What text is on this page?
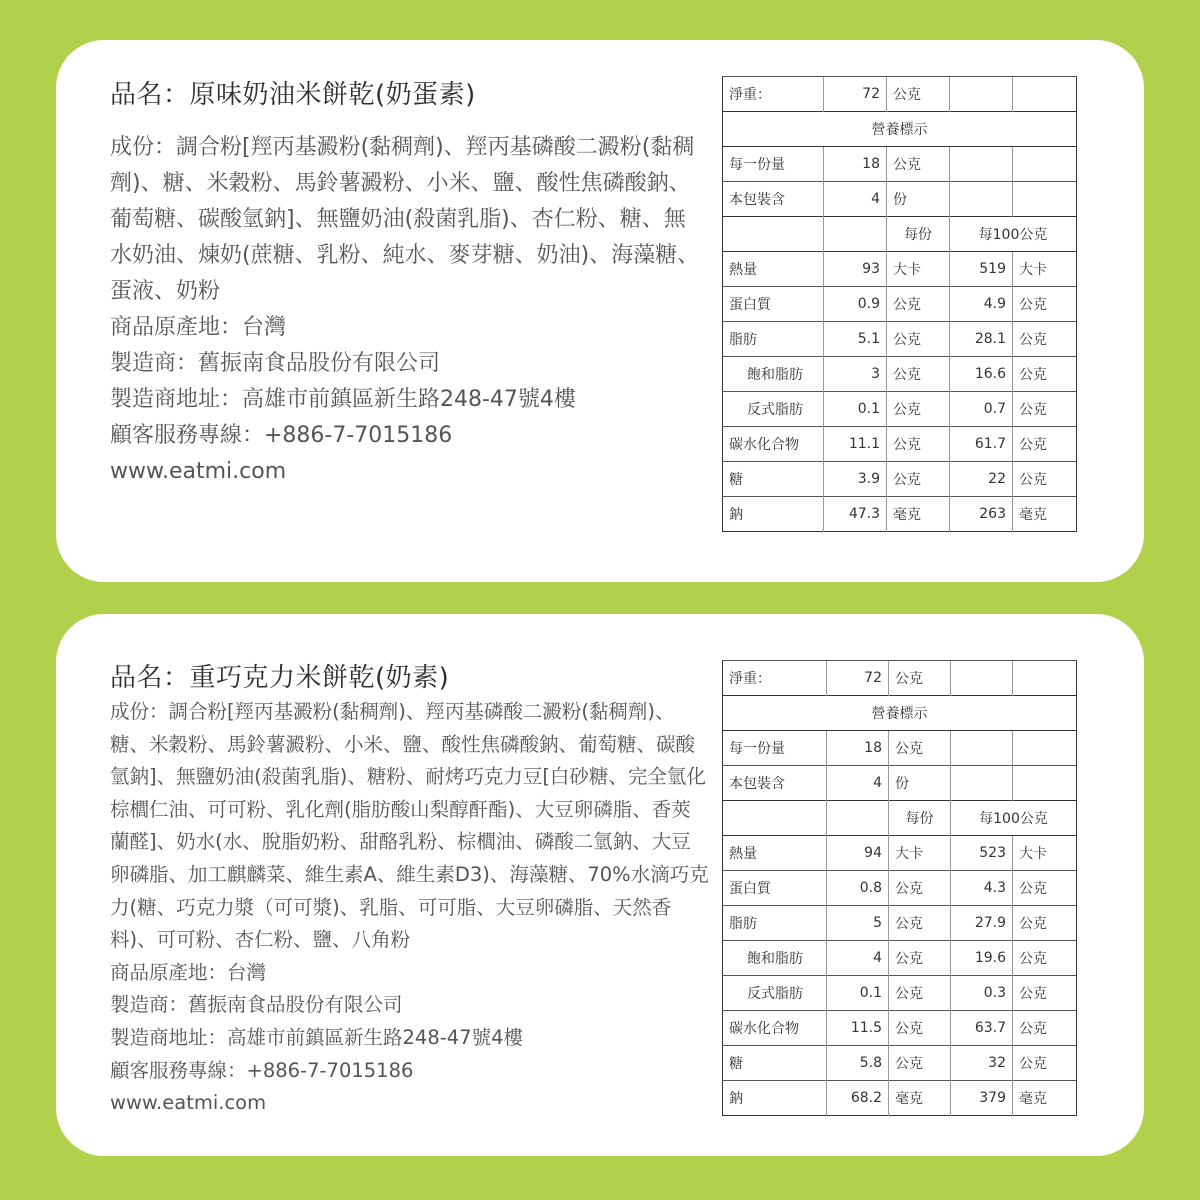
品名：原味奶油米餅乾(奶蛋素)
成份：調合粉[羥丙基澱粉(黏稠劑)、羥丙基磷酸二澱粉(黏稠劑)、糖、米穀粉、馬鈴薯澱粉、小米、鹽、酸性焦磷酸鈉、葡萄糖、碳酸氫鈉]、無鹽奶油(殺菌乳脂)、杏仁粉、糖、無水奶油、煉奶(蔗糖、乳粉、純水、麥芽糖、奶油)、海藻糖、蛋液、奶粉
商品原產地：台灣
製造商：舊振南食品股份有限公司
製造商地址：高雄市前鎮區新生路248-47號4樓
顧客服務專線：+886-7-7015186
www.eatmi.com
淨重：	72	公克		
營養標示				
每一份量	18	公克		
本包裝含	4	份		
		每份	每100公克	
熱量	93	大卡	519	大卡
蛋白質	0.9	公克	4.9	公克
脂肪	5.1	公克	28.1	公克
飽和脂肪	3	公克	16.6	公克
反式脂肪	0.1	公克	0.7	公克
碳水化合物	11.1	公克	61.7	公克
糖	3.9	公克	22	公克
鈉	47.3	毫克	263	毫克
品名：重巧克力米餅乾(奶素)
成份：調合粉[羥丙基澱粉(黏稠劑)、羥丙基磷酸二澱粉(黏稠劑)、糖、米穀粉、馬鈴薯澱粉、小米、鹽、酸性焦磷酸鈉、葡萄糖、碳酸氫鈉]、無鹽奶油(殺菌乳脂)、糖粉、耐烤巧克力豆[白砂糖、完全氫化棕櫚仁油、可可粉、乳化劑(脂肪酸山梨醇酐酯)、大豆卵磷脂、香莢蘭醛]、奶水(水、脫脂奶粉、甜酪乳粉、棕櫚油、磷酸二氫鈉、大豆卵磷脂、加工麒麟菜、維生素A、維生素D3)、海藻糖、70%水滴巧克力(糖、巧克力漿（可可漿)、乳脂、可可脂、大豆卵磷脂、天然香料)、可可粉、杏仁粉、鹽、八角粉
商品原產地：台灣
製造商：舊振南食品股份有限公司
製造商地址：高雄市前鎮區新生路248-47號4樓
顧客服務專線：+886-7-7015186
www.eatmi.com
淨重：	72	公克		
營養標示				
每一份量	18	公克		
本包裝含	4	份		
		每份	每100公克	
熱量	94	大卡	523	大卡
蛋白質	0.8	公克	4.3	公克
脂肪	5	公克	27.9	公克
飽和脂肪	4	公克	19.6	公克
反式脂肪	0.1	公克	0.3	公克
碳水化合物	11.5	公克	63.7	公克
糖	5.8	公克	32	公克
鈉	68.2	毫克	379	毫克
